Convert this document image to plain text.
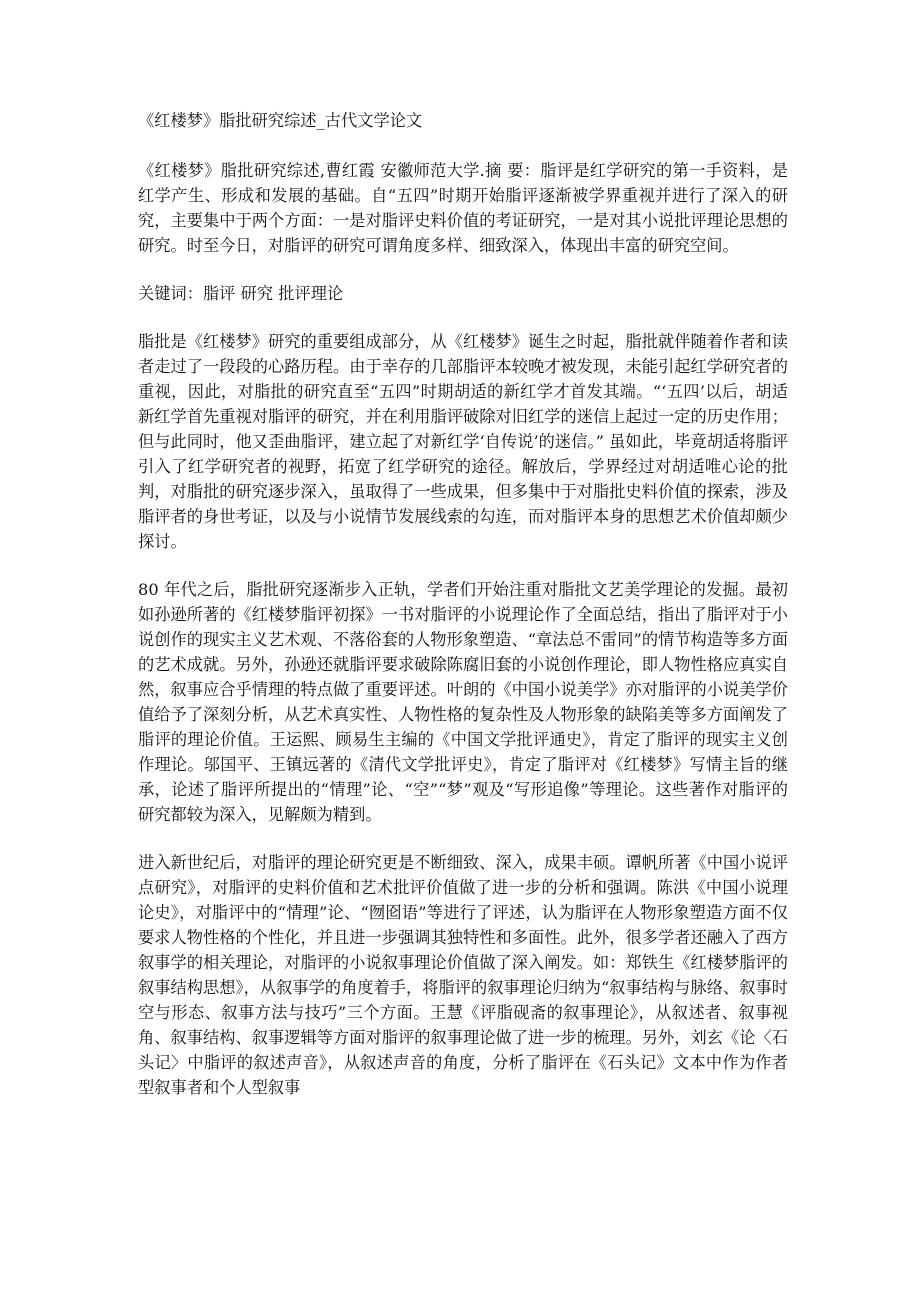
《红楼梦》脂批研究综述_古代文学论文

《红楼梦》脂批研究综述,曹红霞 安徽师范大学.摘 要：脂评是红学研究的第一手资料，是红学产生、形成和发展的基础。自“五四”时期开始脂评逐渐被学界重视并进行了深入的研究，主要集中于两个方面：一是对脂评史料价值的考证研究，一是对其小说批评理论思想的研究。时至今日，对脂评的研究可谓角度多样、细致深入，体现出丰富的研究空间。

关键词：脂评 研究 批评理论

脂批是《红楼梦》研究的重要组成部分，从《红楼梦》诞生之时起，脂批就伴随着作者和读者走过了一段段的心路历程。由于幸存的几部脂评本较晚才被发现，未能引起红学研究者的重视，因此，对脂批的研究直至“五四”时期胡适的新红学才首发其端。“‘五四’以后，胡适新红学首先重视对脂评的研究，并在利用脂评破除对旧红学的迷信上起过一定的历史作用；但与此同时，他又歪曲脂评，建立起了对新红学‘自传说’的迷信。” 虽如此，毕竟胡适将脂评引入了红学研究者的视野，拓宽了红学研究的途径。解放后，学界经过对胡适唯心论的批判，对脂批的研究逐步深入，虽取得了一些成果，但多集中于对脂批史料价值的探索，涉及脂评者的身世考证，以及与小说情节发展线索的勾连，而对脂评本身的思想艺术价值却颇少探讨。

80 年代之后，脂批研究逐渐步入正轨，学者们开始注重对脂批文艺美学理论的发掘。最初如孙逊所著的《红楼梦脂评初探》一书对脂评的小说理论作了全面总结，指出了脂评对于小说创作的现实主义艺术观、不落俗套的人物形象塑造、“章法总不雷同”的情节构造等多方面的艺术成就。另外，孙逊还就脂评要求破除陈腐旧套的小说创作理论，即人物性格应真实自然，叙事应合乎情理的特点做了重要评述。叶朗的《中国小说美学》亦对脂评的小说美学价值给予了深刻分析，从艺术真实性、人物性格的复杂性及人物形象的缺陷美等多方面阐发了脂评的理论价值。王运熙、顾易生主编的《中国文学批评通史》，肯定了脂评的现实主义创作理论。邬国平、王镇远著的《清代文学批评史》，肯定了脂评对《红楼梦》写情主旨的继承，论述了脂评所提出的“情理”论、“空”“梦”观及“写形追像”等理论。这些著作对脂评的研究都较为深入，见解颇为精到。

进入新世纪后，对脂评的理论研究更是不断细致、深入，成果丰硕。谭帆所著《中国小说评点研究》，对脂评的史料价值和艺术批评价值做了进一步的分析和强调。陈洪《中国小说理论史》，对脂评中的“情理”论、“囫囵语”等进行了评述，认为脂评在人物形象塑造方面不仅要求人物性格的个性化，并且进一步强调其独特性和多面性。此外，很多学者还融入了西方叙事学的相关理论，对脂评的小说叙事理论价值做了深入阐发。如：郑铁生《红楼梦脂评的叙事结构思想》，从叙事学的角度着手，将脂评的叙事理论归纳为“叙事结构与脉络、叙事时空与形态、叙事方法与技巧”三个方面。王慧《评脂砚斋的叙事理论》，从叙述者、叙事视角、叙事结构、叙事逻辑等方面对脂评的叙事理论做了进一步的梳理。另外，刘玄《论〈石头记〉中脂评的叙述声音》，从叙述声音的角度，分析了脂评在《石头记》文本中作为作者型叙事者和个人型叙事
